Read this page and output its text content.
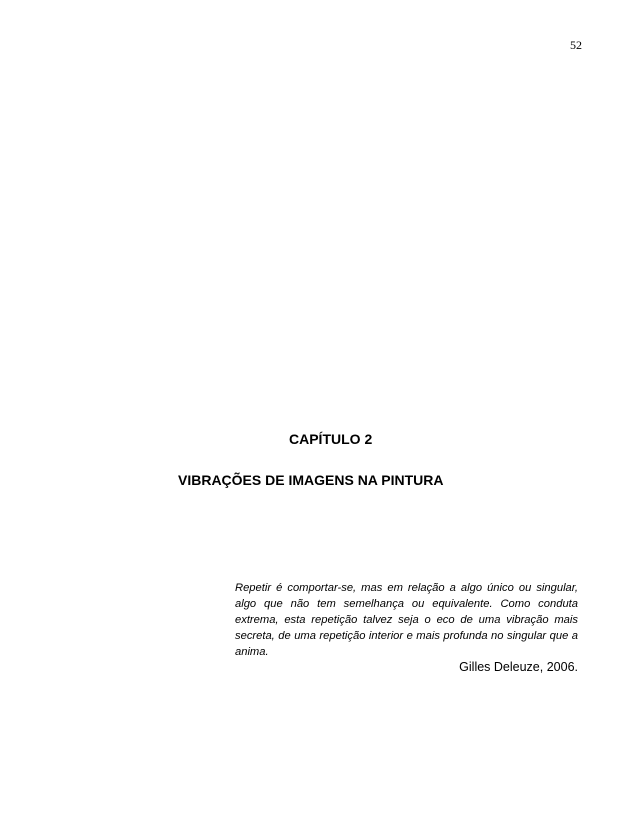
52
CAPÍTULO 2
VIBRAÇÕES DE IMAGENS NA PINTURA

Repetir é comportar-se, mas em relação a algo único ou singular, algo que não tem semelhança ou equivalente. Como conduta extrema, esta repetição talvez seja o eco de uma vibração mais secreta, de uma repetição interior e mais profunda no singular que a anima.

Gilles Deleuze, 2006.
